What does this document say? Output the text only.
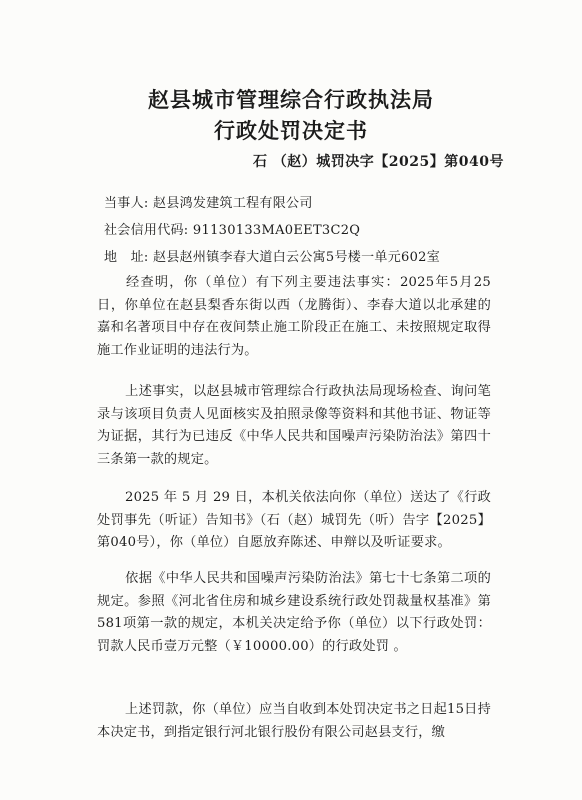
赵县城市管理综合行政执法局
行政处罚决定书
石 （赵）城罚决字【2025】第040号
当事人: 赵县鸿发建筑工程有限公司
社会信用代码: 91130133MA0EET3C2Q
地　址: 赵县赵州镇李春大道白云公寓5号楼一单元602室

经查明，你（单位）有下列主要违法事实：2025年5月25日，你单位在赵县梨香东街以西（龙腾街）、李春大道以北承建的嘉和名著项目中存在夜间禁止施工阶段正在施工、未按照规定取得施工作业证明的违法行为。

上述事实，以赵县城市管理综合行政执法局现场检查、询问笔录与该项目负责人见面核实及拍照录像等资料和其他书证、物证等为证据，其行为已违反《中华人民共和国噪声污染防治法》第四十三条第一款的规定。

2025 年 5 月 29 日，本机关依法向你（单位）送达了《行政处罚事先（听证）告知书》（石（赵）城罚先（听）告字【2025】第040号），你（单位）自愿放弃陈述、申辩以及听证要求。

依据《中华人民共和国噪声污染防治法》第七十七条第二项的规定。参照《河北省住房和城乡建设系统行政处罚裁量权基准》第581项第一款的规定，本机关决定给予你（单位）以下行政处罚：罚款人民币壹万元整（￥10000.00）的行政处罚 。

上述罚款，你（单位）应当自收到本处罚决定书之日起15日持本决定书，到指定银行河北银行股份有限公司赵县支行，缴
